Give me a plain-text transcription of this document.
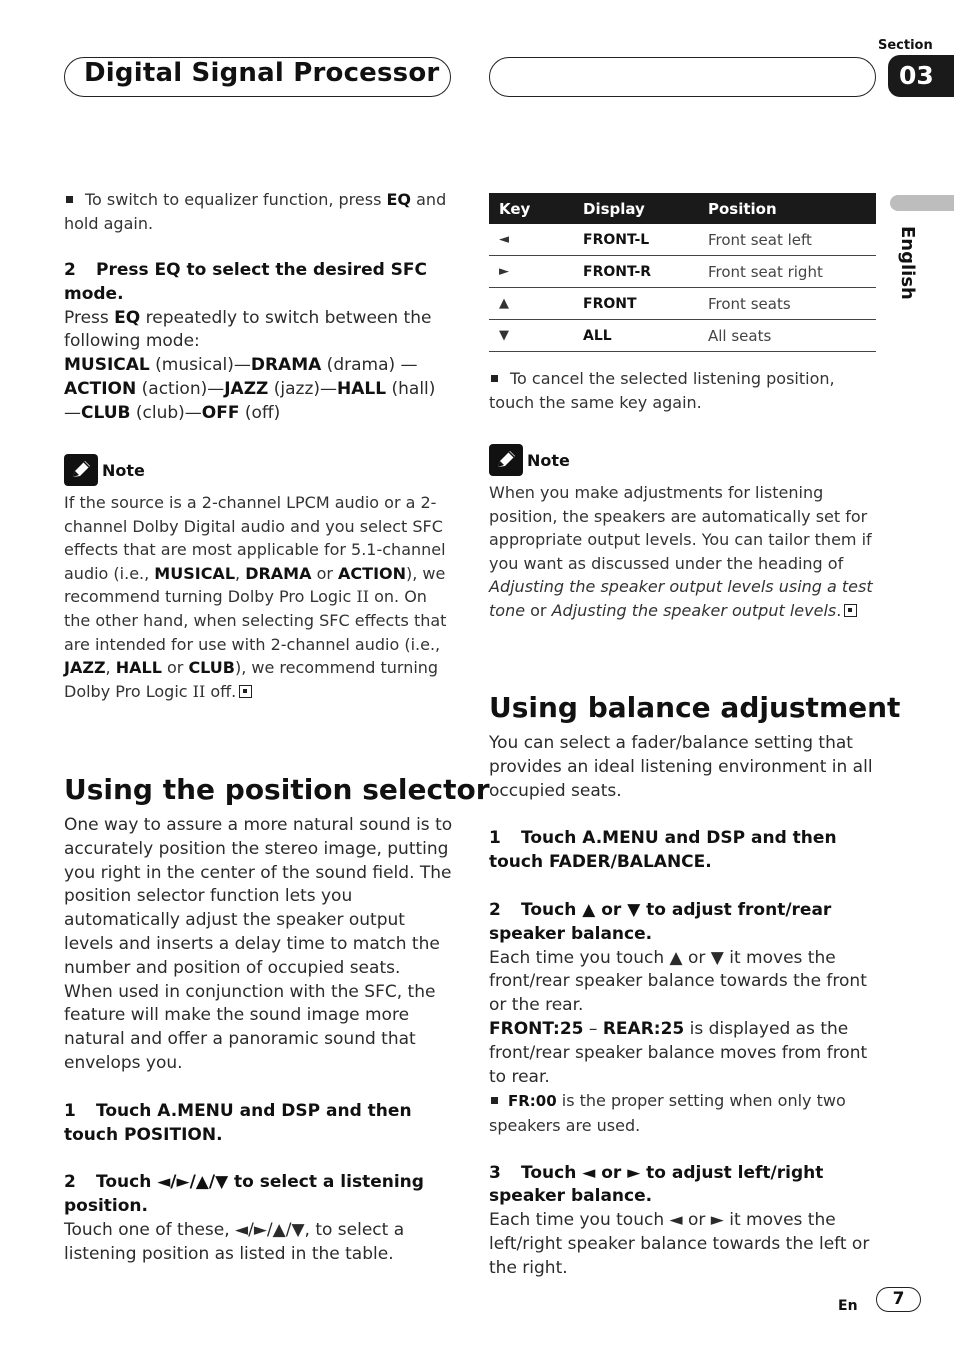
Digital Signal Processor
Section
03
English
To switch to equalizer function, press EQ and hold again.

2 Press EQ to select the desired SFC mode.

Press EQ repeatedly to switch between the following mode:

MUSICAL (musical)—DRAMA (drama) —ACTION (action)—JAZZ (jazz)—HALL (hall) —CLUB (club)—OFF (off)

Note
If the source is a 2-channel LPCM audio or a 2-channel Dolby Digital audio and you select SFC effects that are most applicable for 5.1-channel audio (i.e., MUSICAL, DRAMA or ACTION), we recommend turning Dolby Pro Logic II on. On the other hand, when selecting SFC effects that are intended for use with 2-channel audio (i.e., JAZZ, HALL or CLUB), we recommend turning Dolby Pro Logic II off.
Using the position selector

One way to assure a more natural sound is to accurately position the stereo image, putting you right in the center of the sound field. The position selector function lets you automatically adjust the speaker output levels and inserts a delay time to match the number and position of occupied seats. When used in conjunction with the SFC, the feature will make the sound image more natural and offer a panoramic sound that envelops you.

1 Touch A.MENU and DSP and then touch POSITION.

2 Touch ◄/►/▲/▼ to select a listening position.

Touch one of these, ◄/►/▲/▼, to select a listening position as listed in the table.

Key	Display	Position
◄	FRONT-L	Front seat left
►	FRONT-R	Front seat right
▲	FRONT	Front seats
▼	ALL	All seats
To cancel the selected listening position, touch the same key again.
Note
When you make adjustments for listening position, the speakers are automatically set for appropriate output levels. You can tailor them if you want as discussed under the heading of Adjusting the speaker output levels using a test tone or Adjusting the speaker output levels.
Using balance adjustment

You can select a fader/balance setting that provides an ideal listening environment in all occupied seats.

1 Touch A.MENU and DSP and then touch FADER/BALANCE.

2 Touch ▲ or ▼ to adjust front/rear speaker balance.

Each time you touch ▲ or ▼ it moves the front/rear speaker balance towards the front or the rear.

FRONT:25 – REAR:25 is displayed as the front/rear speaker balance moves from front to rear.

FR:00 is the proper setting when only two speakers are used.

3 Touch ◄ or ► to adjust left/right speaker balance.

Each time you touch ◄ or ► it moves the left/right speaker balance towards the left or the right.

En	7
